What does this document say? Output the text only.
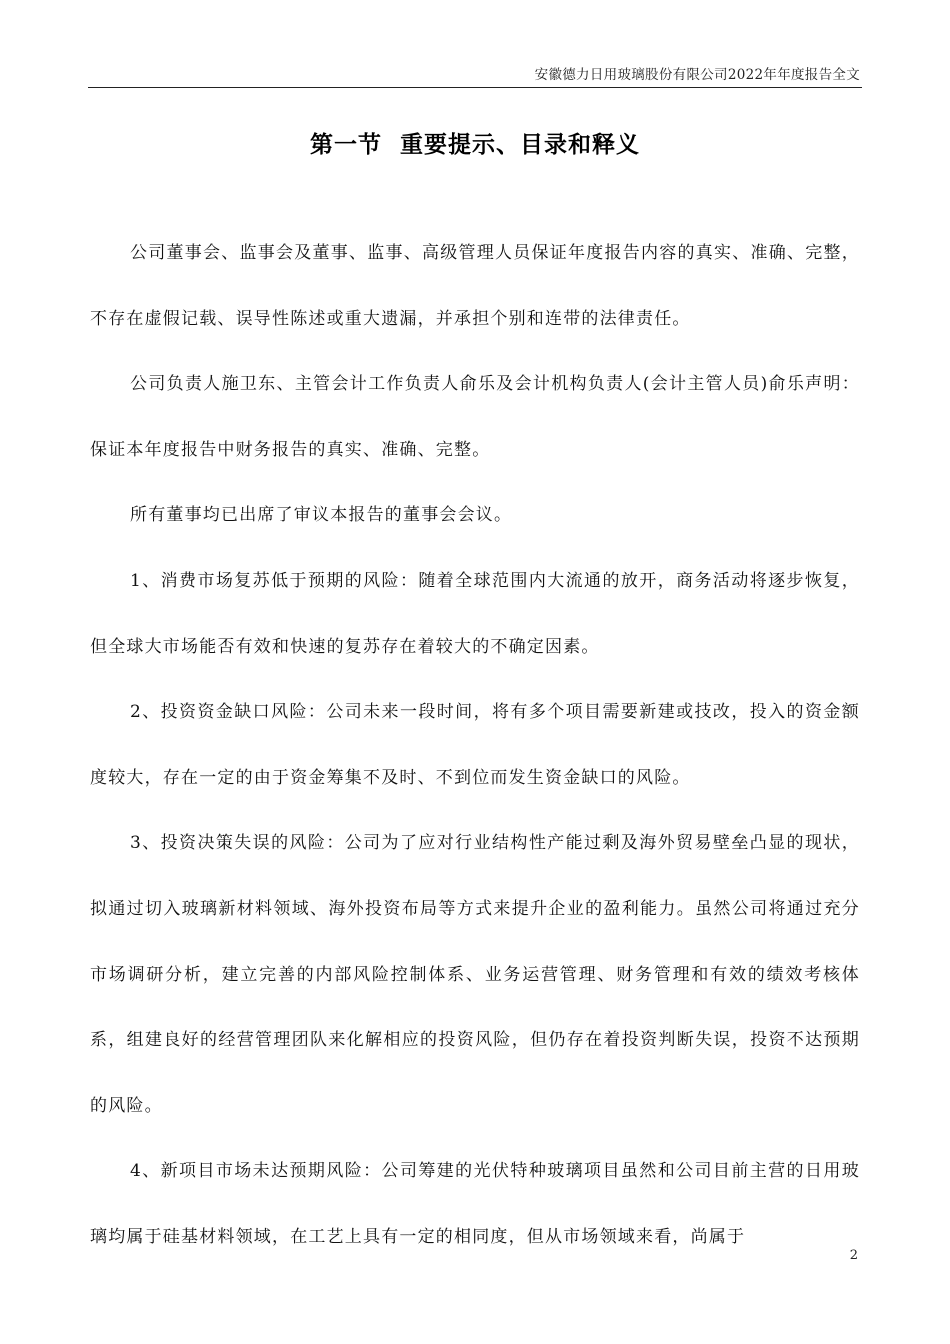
安徽德力日用玻璃股份有限公司2022年年度报告全文
第一节  重要提示、目录和释义

公司董事会、监事会及董事、监事、高级管理人员保证年度报告内容的真实、准确、完整，不存在虚假记载、误导性陈述或重大遗漏，并承担个别和连带的法律责任。

公司负责人施卫东、主管会计工作负责人俞乐及会计机构负责人(会计主管人员)俞乐声明：保证本年度报告中财务报告的真实、准确、完整。

所有董事均已出席了审议本报告的董事会会议。

1、消费市场复苏低于预期的风险：随着全球范围内大流通的放开，商务活动将逐步恢复，但全球大市场能否有效和快速的复苏存在着较大的不确定因素。

2、投资资金缺口风险：公司未来一段时间，将有多个项目需要新建或技改，投入的资金额度较大，存在一定的由于资金筹集不及时、不到位而发生资金缺口的风险。

3、投资决策失误的风险：公司为了应对行业结构性产能过剩及海外贸易壁垒凸显的现状，拟通过切入玻璃新材料领域、海外投资布局等方式来提升企业的盈利能力。虽然公司将通过充分市场调研分析，建立完善的内部风险控制体系、业务运营管理、财务管理和有效的绩效考核体系，组建良好的经营管理团队来化解相应的投资风险，但仍存在着投资判断失误，投资不达预期的风险。

4、新项目市场未达预期风险：公司筹建的光伏特种玻璃项目虽然和公司目前主营的日用玻璃均属于硅基材料领域，在工艺上具有一定的相同度，但从市场领域来看，尚属于

2
